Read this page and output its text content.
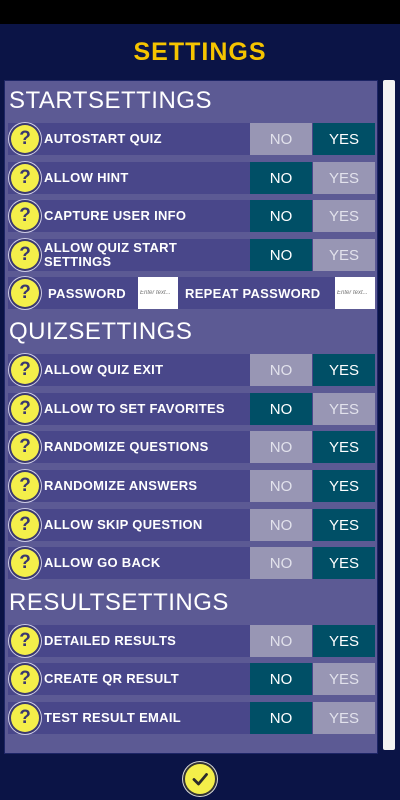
SETTINGS
STARTSETTINGS
?	AUTOSTART QUIZ	NO	YES
?	ALLOW HINT	NO	YES
?	CAPTURE USER INFO	NO	YES
?	ALLOW QUIZ START SETTINGS	NO	YES
?	PASSWORD	REPEAT PASSWORD
QUIZSETTINGS
?	ALLOW QUIZ EXIT	NO	YES
?	ALLOW TO SET FAVORITES	NO	YES
?	RANDOMIZE QUESTIONS	NO	YES
?	RANDOMIZE ANSWERS	NO	YES
?	ALLOW SKIP QUESTION	NO	YES
?	ALLOW GO BACK	NO	YES
RESULTSETTINGS
?	DETAILED RESULTS	NO	YES
?	CREATE QR RESULT	NO	YES
?	TEST RESULT EMAIL	NO	YES
